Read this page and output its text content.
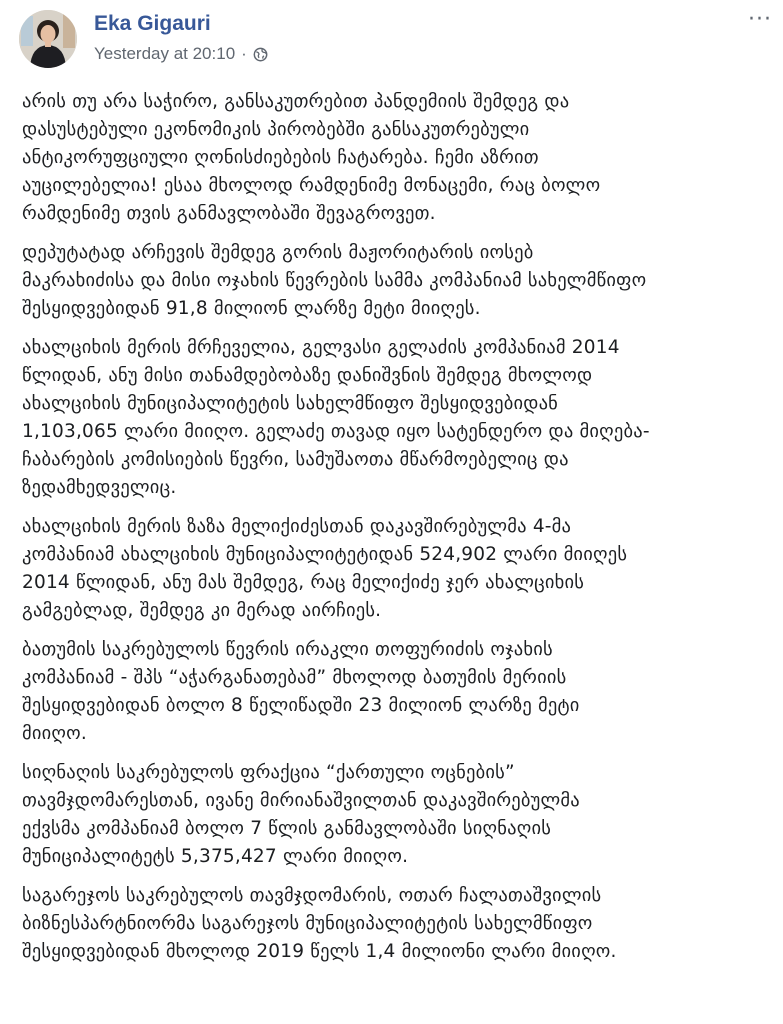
Eka Gigauri
Yesterday at 20:10 ·
···

არის თუ არა საჭირო, განსაკუთრებით პანდემიის შემდეგ და
დასუსტებული ეკონომიკის პირობებში განსაკუთრებული
ანტიკორუფციული ღონისძიებების ჩატარება. ჩემი აზრით
აუცილებელია! ესაა მხოლოდ რამდენიმე მონაცემი, რაც ბოლო
რამდენიმე თვის განმავლობაში შევაგროვეთ.

დეპუტატად არჩევის შემდეგ გორის მაჟორიტარის იოსებ
მაკრახიძისა და მისი ოჯახის წევრების სამმა კომპანიამ სახელმწიფო
შესყიდვებიდან 91,8 მილიონ ლარზე მეტი მიიღეს.

ახალციხის მერის მრჩეველია, გელვასი გელაძის კომპანიამ 2014
წლიდან, ანუ მისი თანამდებობაზე დანიშვნის შემდეგ მხოლოდ
ახალციხის მუნიციპალიტეტის სახელმწიფო შესყიდვებიდან
1,103,065 ლარი მიიღო. გელაძე თავად იყო სატენდერო და მიღება-
ჩაბარების კომისიების წევრი, სამუშაოთა მწარმოებელიც და
ზედამხედველიც.

ახალციხის მერის ზაზა მელიქიძესთან დაკავშირებულმა 4-მა
კომპანიამ ახალციხის მუნიციპალიტეტიდან 524,902 ლარი მიიღეს
2014 წლიდან, ანუ მას შემდეგ, რაც მელიქიძე ჯერ ახალციხის
გამგებლად, შემდეგ კი მერად აირჩიეს.

ბათუმის საკრებულოს წევრის ირაკლი თოფურიძის ოჯახის
კომპანიამ - შპს “აჭარგანათებამ” მხოლოდ ბათუმის მერიის
შესყიდვებიდან ბოლო 8 წელიწადში 23 მილიონ ლარზე მეტი
მიიღო.

სიღნაღის საკრებულოს ფრაქცია “ქართული ოცნების”
თავმჯდომარესთან, ივანე მირიანაშვილთან დაკავშირებულმა
ექვსმა კომპანიამ ბოლო 7 წლის განმავლობაში სიღნაღის
მუნიციპალიტეტს 5,375,427 ლარი მიიღო.

საგარეჯოს საკრებულოს თავმჯდომარის, ოთარ ჩალათაშვილის
ბიზნესპარტნიორმა საგარეჯოს მუნიციპალიტეტის სახელმწიფო
შესყიდვებიდან მხოლოდ 2019 წელს 1,4 მილიონი ლარი მიიღო.
